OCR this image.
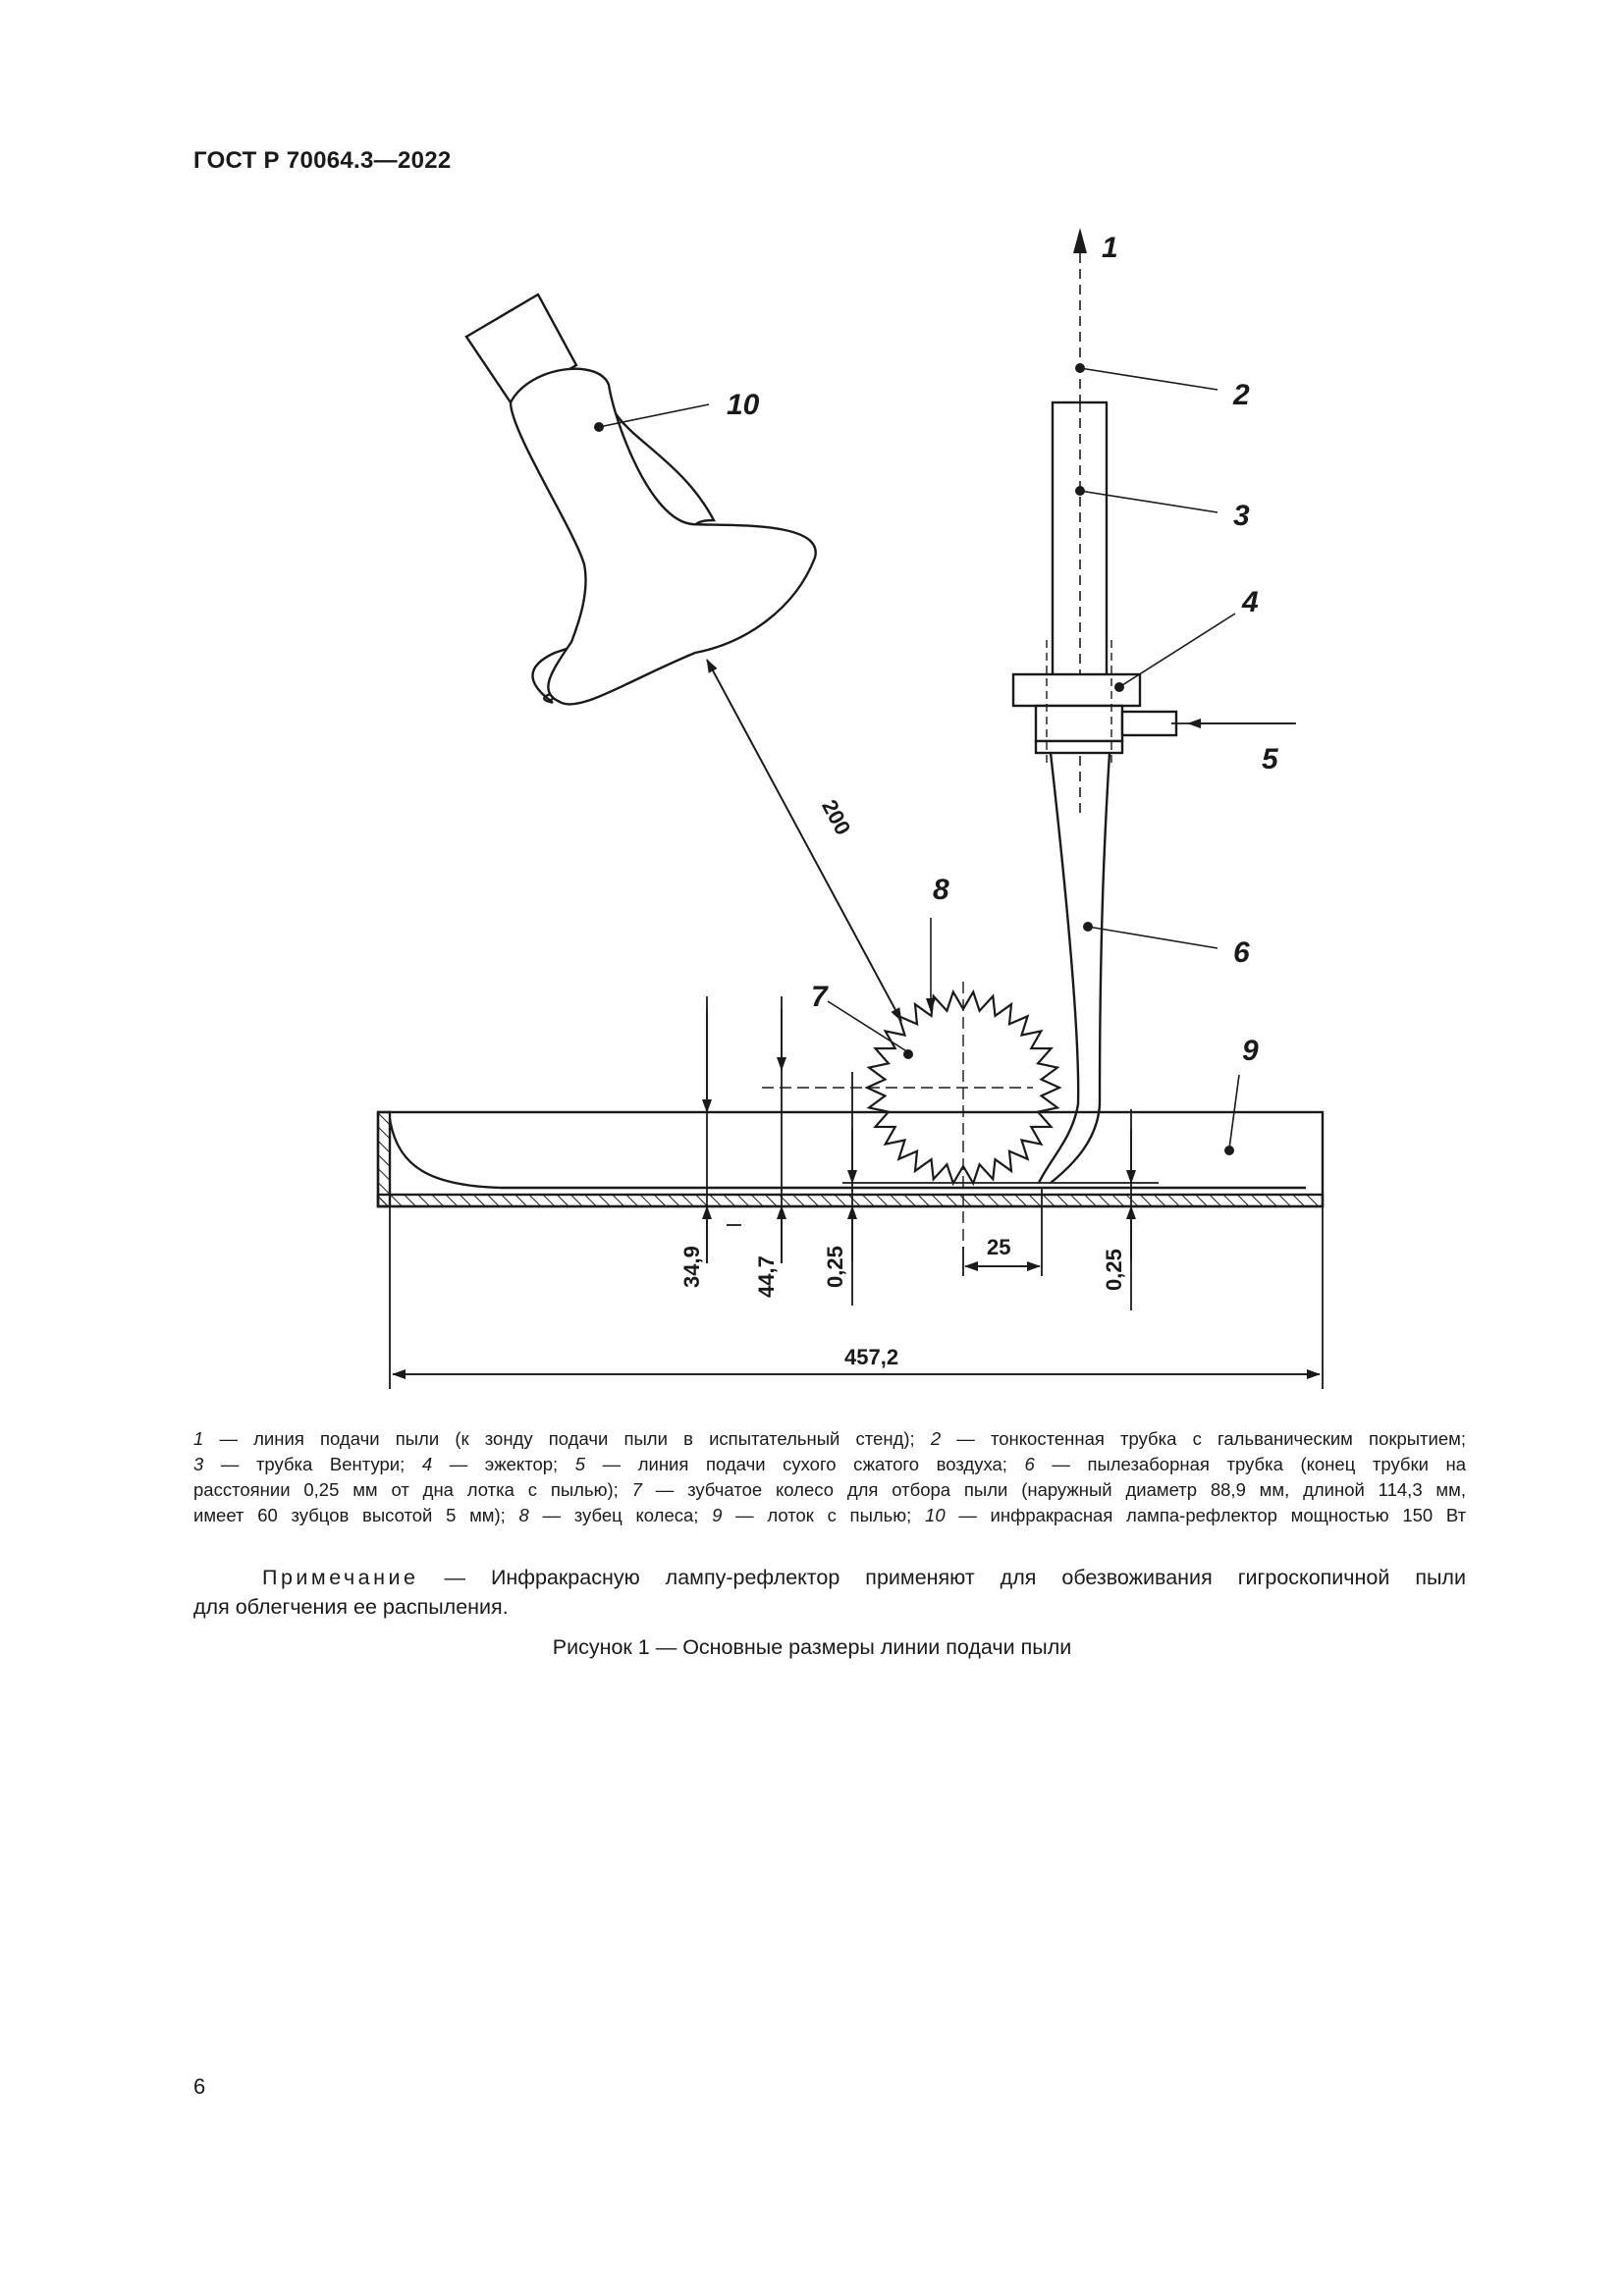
ГОСТ Р 70064.3—2022
1
2
3
4
5
6
7
8
9
10
200
34,9 44,7 0,25	0,25
25
457,2
1 — линия подачи пыли (к зонду подачи пыли в испытательный стенд); 2 — тонкостенная трубка с гальваническим покрытием;
3 — трубка Вентури; 4 — эжектор; 5 — линия подачи сухого сжатого воздуха; 6 — пылезаборная трубка (конец трубки на
расстоянии 0,25 мм от дна лотка с пылью); 7 — зубчатое колесо для отбора пыли (наружный диаметр 88,9 мм, длиной 114,3 мм,
имеет 60 зубцов высотой 5 мм); 8 — зубец колеса; 9 — лоток с пылью; 10 — инфракрасная лампа-рефлектор мощностью 150 Вт
Примечание — Инфракрасную лампу-рефлектор применяют для обезвоживания гигроскопичной пыли
для облегчения ее распыления.
Рисунок 1 — Основные размеры линии подачи пыли
6
